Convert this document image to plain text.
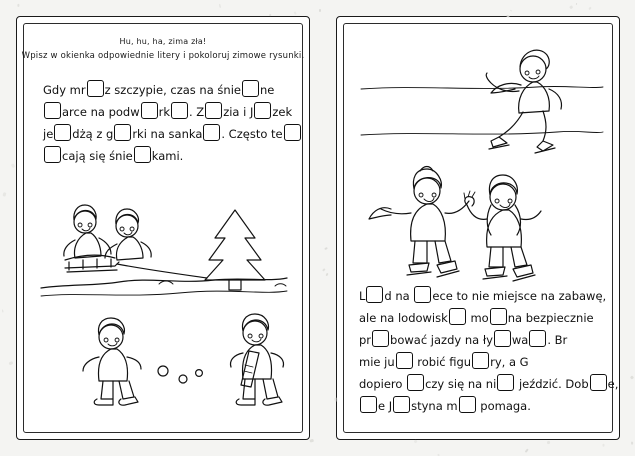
Hu, hu, ha, zima zła!
Wpisz w okienka odpowiednie litery i pokoloruj zimowe rysunki.
Gdy mr z szczypie, czas na śnie ne
arce na podw rk . Z zia i J zek
je dżą z g rki na sanka . Często te
cają się śnie kami.
L d na ece to nie miejsce na zabawę,
ale na lodowisk mo na bezpiecznie
pr bować jazdy na ły wa . Br
mie ju robić figu ry, a G
dopiero czy się na ni jeździć. Dob e,
e J styna m pomaga.
